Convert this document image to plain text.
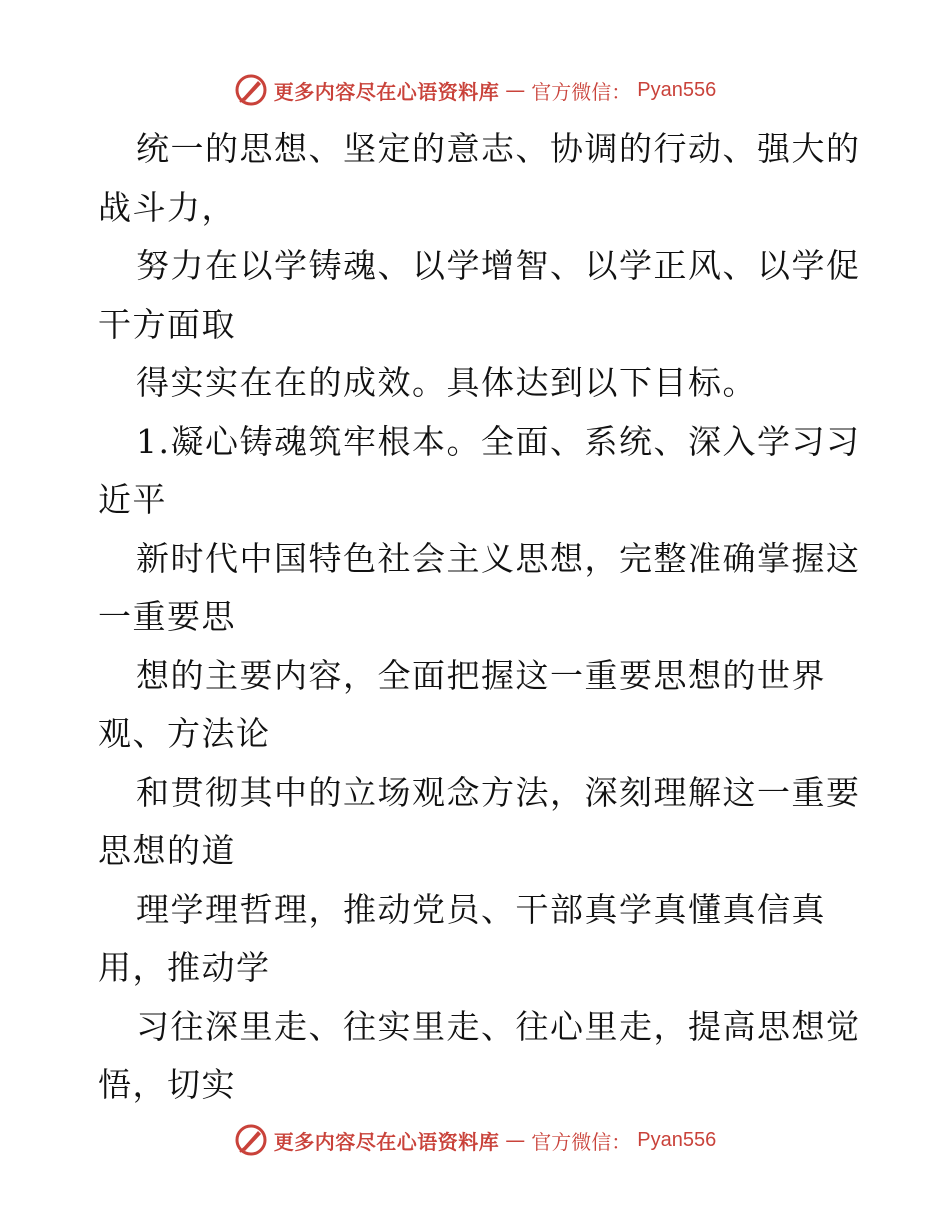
更多内容尽在心语资料库 — 官方微信： Pyan556
统一的思想、坚定的意志、协调的行动、强大的
战斗力，
努力在以学铸魂、以学增智、以学正风、以学促
干方面取
得实实在在的成效。具体达到以下目标。
1.凝心铸魂筑牢根本。全面、系统、深入学习习
近平
新时代中国特色社会主义思想，完整准确掌握这
一重要思
想的主要内容，全面把握这一重要思想的世界
观、方法论
和贯彻其中的立场观念方法，深刻理解这一重要
思想的道
理学理哲理，推动党员、干部真学真懂真信真
用，推动学
习往深里走、往实里走、往心里走，提高思想觉
悟，切实
更多内容尽在心语资料库 — 官方微信： Pyan556
